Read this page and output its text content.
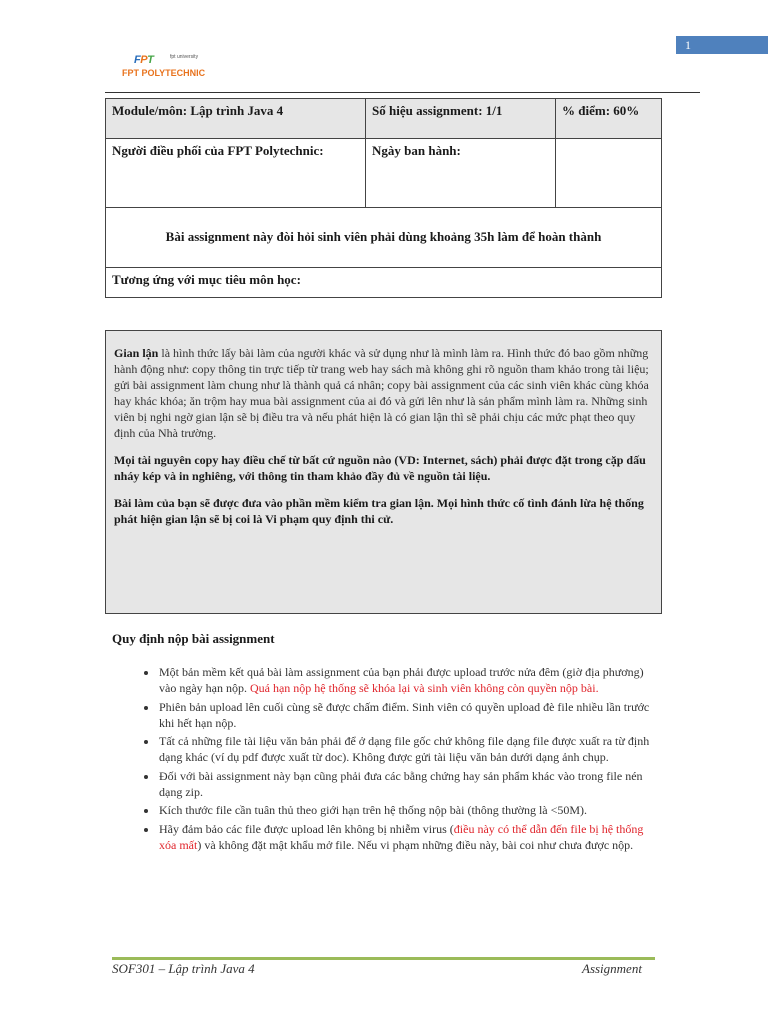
1
FPT	fpt university
FPT POLYTECHNIC
Module/môn: Lập trình Java 4	Số hiệu assignment: 1/1	% điểm: 60%
Người điều phối của FPT Polytechnic:	Ngày ban hành:	
Bài assignment này đòi hỏi sinh viên phải dùng khoảng 35h làm để hoàn thành		
Tương ứng với mục tiêu môn học:		

Gian lận là hình thức lấy bài làm của người khác và sử dụng như là mình làm ra. Hình thức đó bao gồm những hành động như: copy thông tin trực tiếp từ trang web hay sách mà không ghi rõ nguồn tham khảo trong tài liệu; gửi bài assignment làm chung như là thành quả cá nhân; copy bài assignment của các sinh viên khác cùng khóa hay khác khóa; ăn trộm hay mua bài assignment của ai đó và gửi lên như là sản phẩm mình làm ra. Những sinh viên bị nghi ngờ gian lận sẽ bị điều tra và nếu phát hiện là có gian lận thì sẽ phải chịu các mức phạt theo quy định của Nhà trường.

Mọi tài nguyên copy hay điều chế từ bất cứ nguồn nào (VD: Internet, sách) phải được đặt trong cặp dấu nháy kép và in nghiêng, với thông tin tham khảo đầy đủ về nguồn tài liệu.

Bài làm của bạn sẽ được đưa vào phần mềm kiểm tra gian lận. Mọi hình thức cố tình đánh lừa hệ thống phát hiện gian lận sẽ bị coi là Vi phạm quy định thi cử.

Quy định nộp bài assignment
• Một bản mềm kết quả bài làm assignment của bạn phải được upload trước nửa đêm (giờ địa phương) vào ngày hạn nộp. Quá hạn nộp hệ thống sẽ khóa lại và sinh viên không còn quyền nộp bài.
• Phiên bản upload lên cuối cùng sẽ được chấm điểm. Sinh viên có quyền upload đè file nhiều lần trước khi hết hạn nộp.
• Tất cả những file tài liệu văn bản phải để ở dạng file gốc chứ không file dạng file được xuất ra từ định dạng khác (ví dụ pdf được xuất từ doc). Không được gửi tài liệu văn bản dưới dạng ảnh chụp.
• Đối với bài assignment này bạn cũng phải đưa các bằng chứng hay sản phẩm khác vào trong file nén dạng zip.
• Kích thước file cần tuân thủ theo giới hạn trên hệ thống nộp bài (thông thường là <50M).
• Hãy đảm bảo các file được upload lên không bị nhiễm virus (điều này có thể dẫn đến file bị hệ thống xóa mất) và không đặt mật khẩu mở file. Nếu vi phạm những điều này, bài coi như chưa được nộp.
SOF301 – Lập trình Java 4	Assignment
